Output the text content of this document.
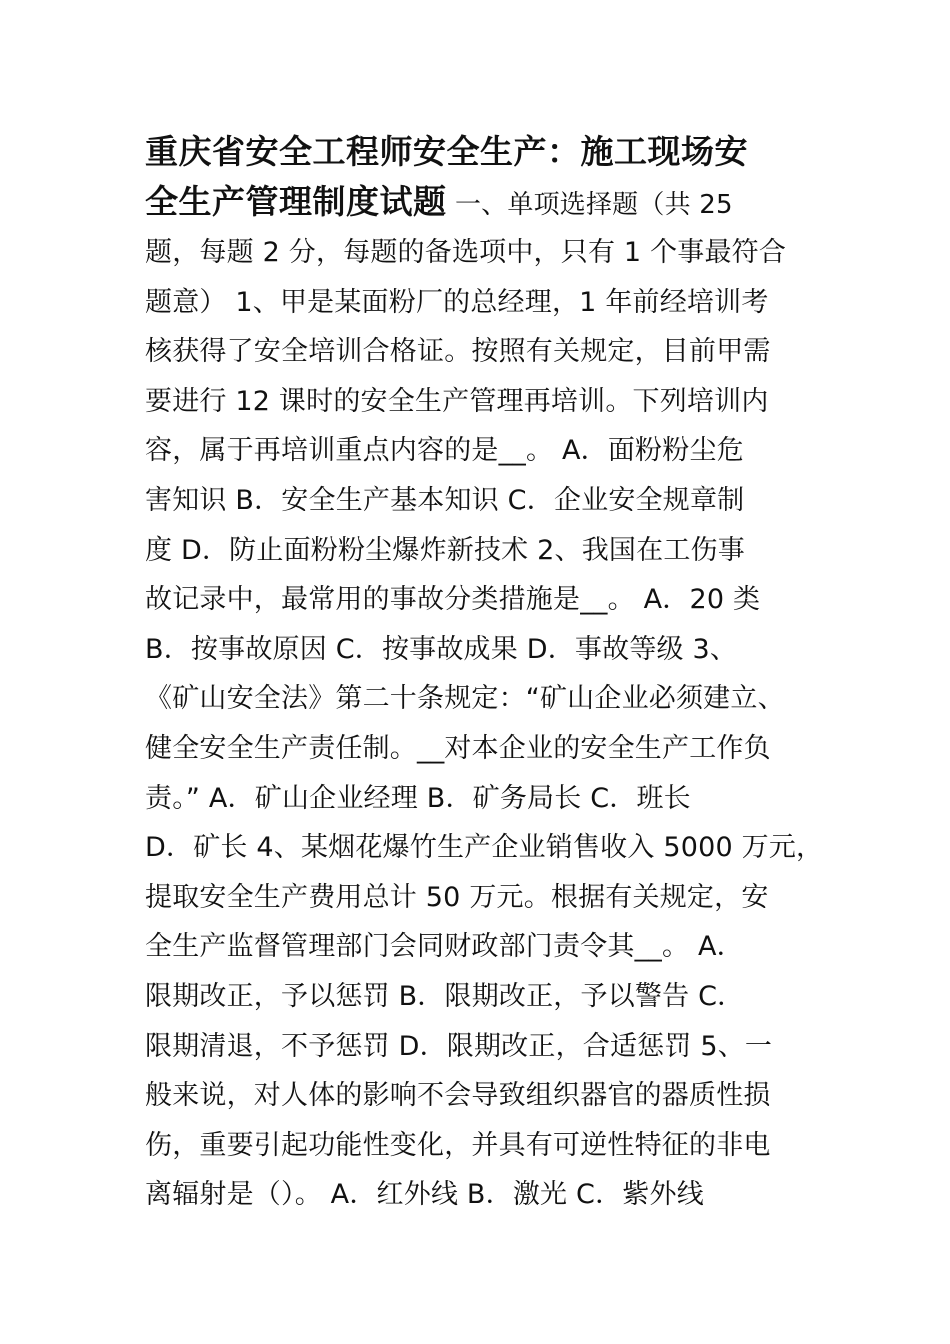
重庆省安全工程师安全生产：施工现场安
全生产管理制度试题 一、单项选择题（共 25
题，每题 2 分，每题的备选项中，只有 1 个事最符合
题意） 1、甲是某面粉厂的总经理，1 年前经培训考
核获得了安全培训合格证。按照有关规定，目前甲需
要进行 12 课时的安全生产管理再培训。下列培训内
容，属于再培训重点内容的是__。 A．面粉粉尘危
害知识 B．安全生产基本知识 C．企业安全规章制
度 D．防止面粉粉尘爆炸新技术 2、我国在工伤事
故记录中，最常用的事故分类措施是__。 A．20 类
B．按事故原因 C．按事故成果 D．事故等级 3、
《矿山安全法》第二十条规定：“矿山企业必须建立、
健全安全生产责任制。__对本企业的安全生产工作负
责。” A．矿山企业经理 B．矿务局长 C．班长
D．矿长 4、某烟花爆竹生产企业销售收入 5000 万元，
提取安全生产费用总计 50 万元。根据有关规定，安
全生产监督管理部门会同财政部门责令其__。 A．
限期改正，予以惩罚 B．限期改正，予以警告 C．
限期清退，不予惩罚 D．限期改正，合适惩罚 5、一
般来说，对人体的影响不会导致组织器官的器质性损
伤，重要引起功能性变化，并具有可逆性特征的非电
离辐射是（）。 A．红外线 B．激光 C．紫外线
